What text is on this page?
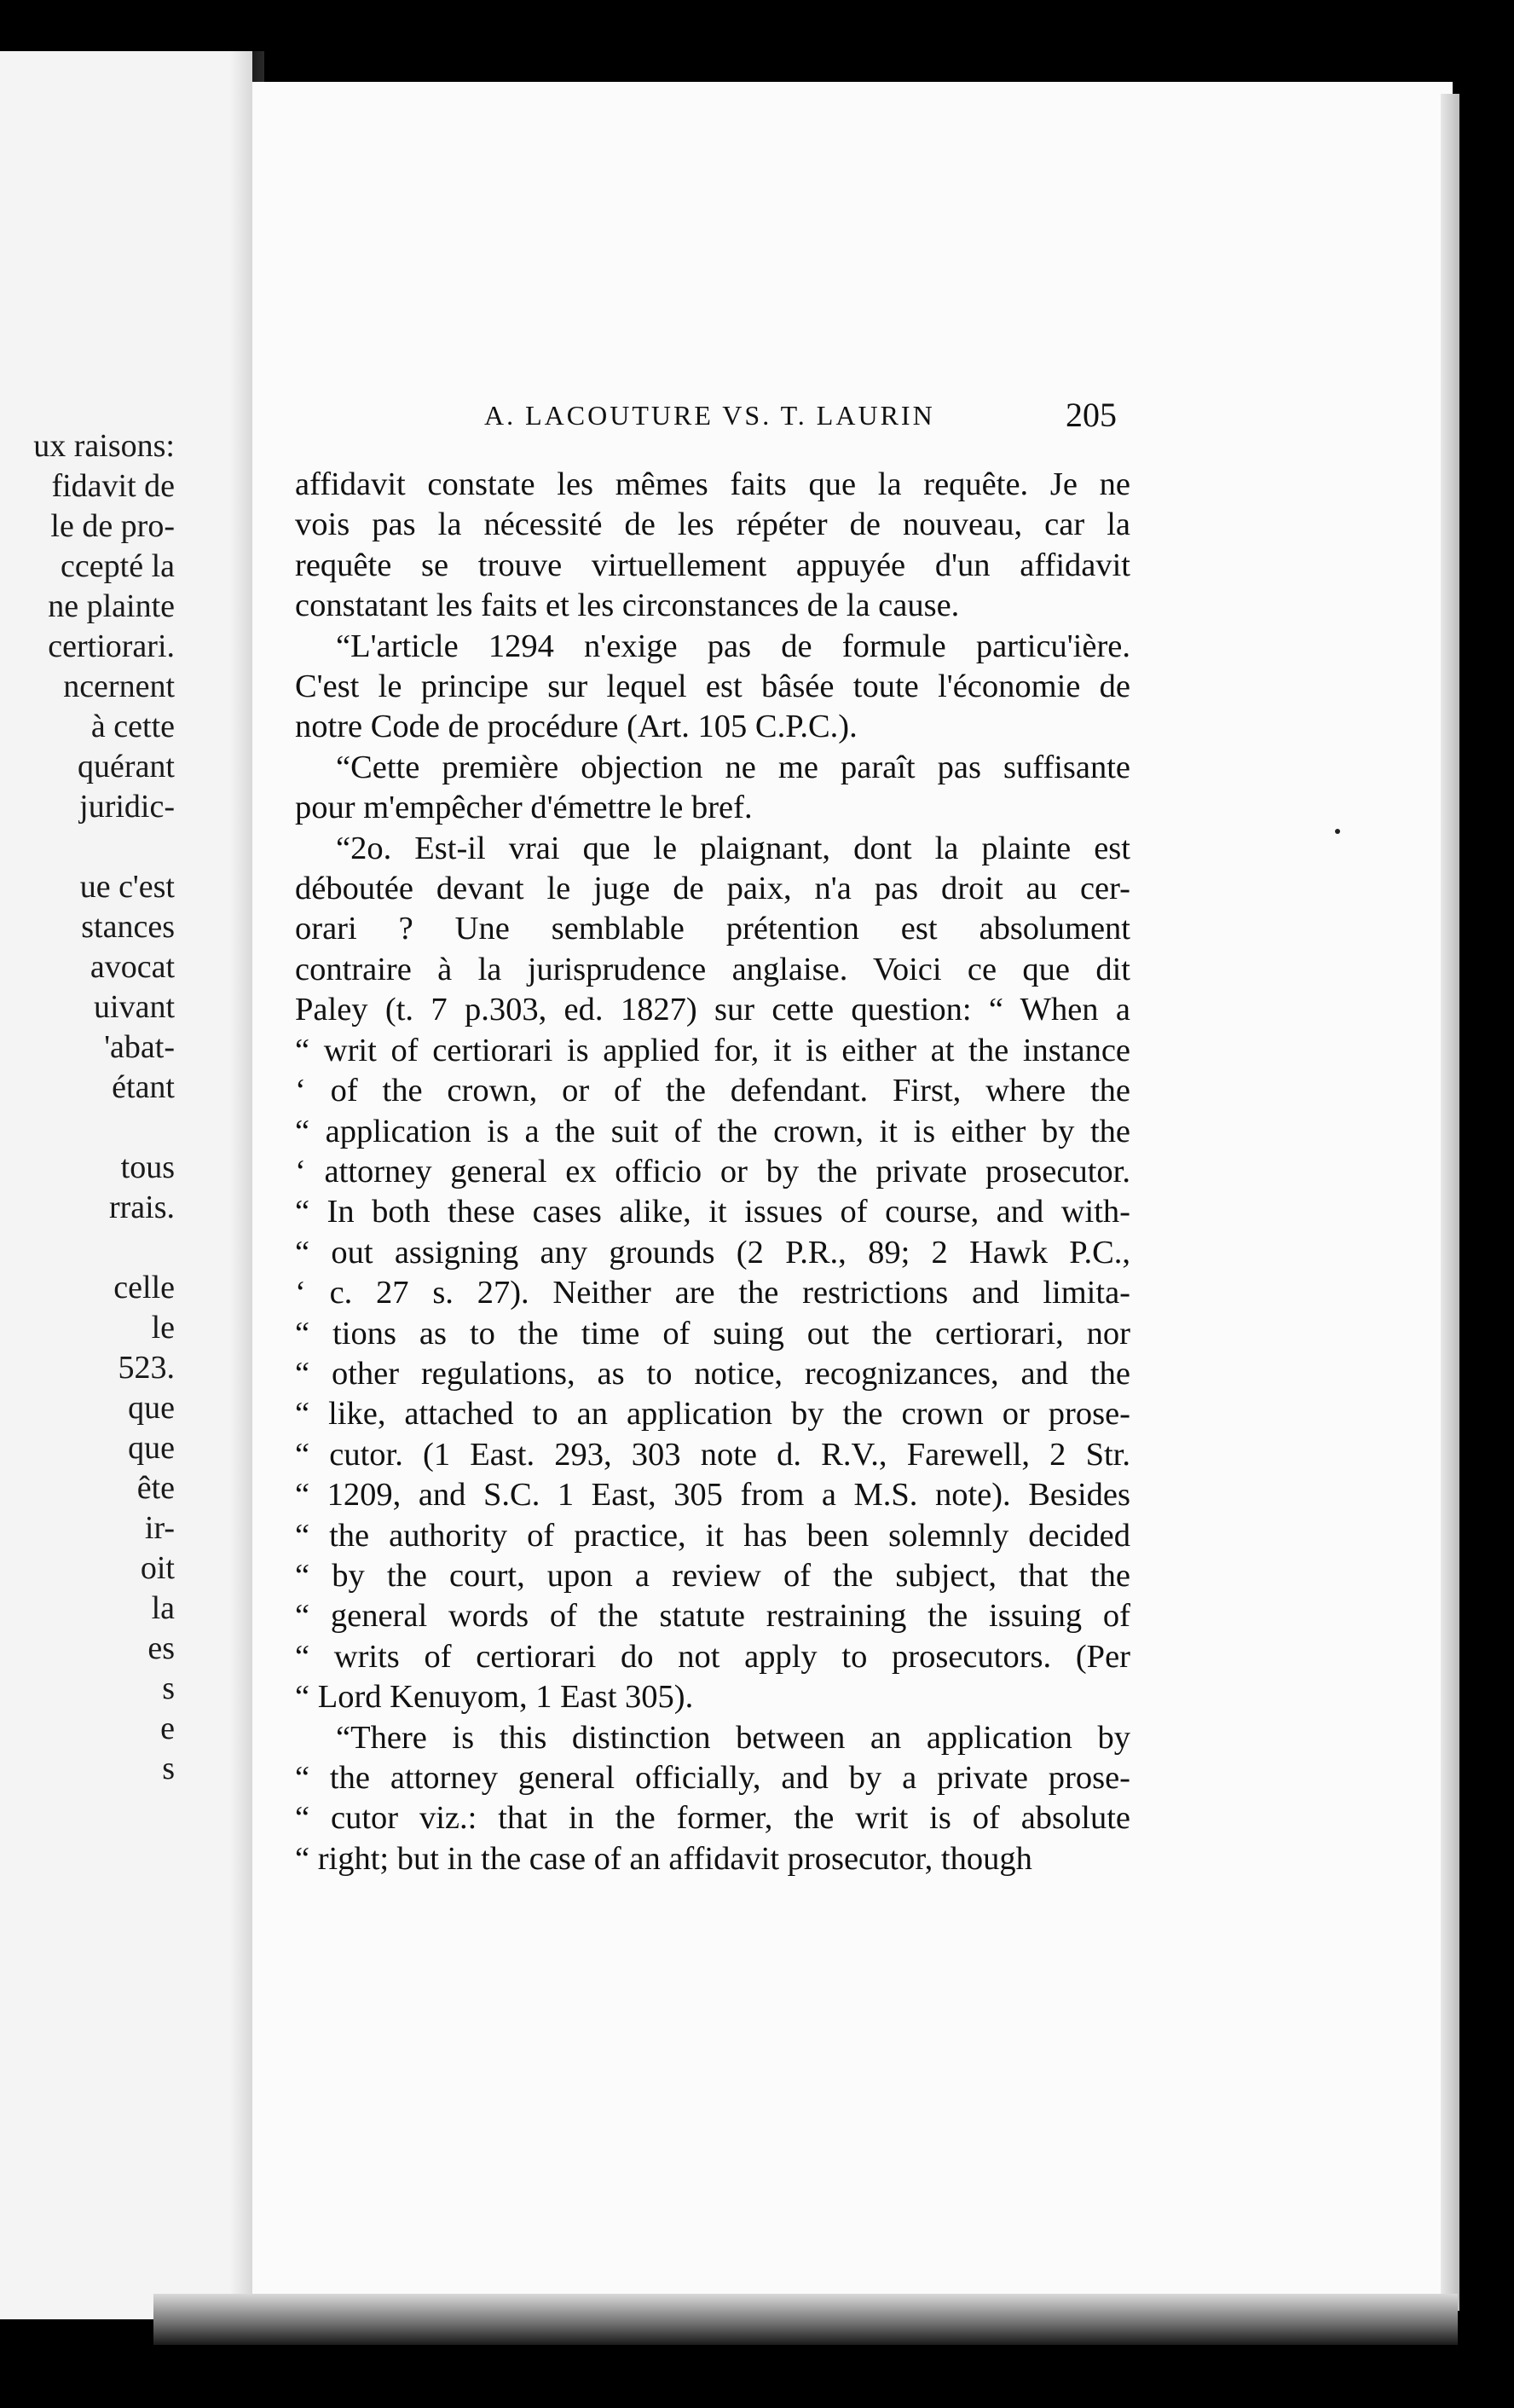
ux raisons:
fidavit de
le de pro-
ccepté la
ne plainte
certiorari.
ncernent
à cette
quérant
juridic-

ue c'est
stances
avocat
uivant
'abat-
étant

tous
rrais.

celle
le
523.
que
que
ête
ir-
oit
la
es
s
e
s
A. LACOUTURE VS. T. LAURIN	205
affidavit constate les mêmes faits que la requête. Je ne
vois pas la nécessité de les répéter de nouveau, car la
requête se trouve virtuellement appuyée d'un affidavit
constatant les faits et les circonstances de la cause.
“L'article 1294 n'exige pas de formule particu'ière.
C'est le principe sur lequel est bâsée toute l'économie de
notre Code de procédure (Art. 105 C.P.C.).
“Cette première objection ne me paraît pas suffisante
pour m'empêcher d'émettre le bref.
“2o. Est-il vrai que le plaignant, dont la plainte est
déboutée devant le juge de paix, n'a pas droit au cer-
orari ? Une semblable prétention est absolument
contraire à la jurisprudence anglaise. Voici ce que dit
Paley (t. 7 p.303, ed. 1827) sur cette question: “ When a
“ writ of certiorari is applied for, it is either at the instance
‘ of the crown, or of the defendant. First, where the
“ application is a the suit of the crown, it is either by the
‘ attorney general ex officio or by the private prosecutor.
“ In both these cases alike, it issues of course, and with-
“ out assigning any grounds (2 P.R., 89; 2 Hawk P.C.,
‘ c. 27 s. 27). Neither are the restrictions and limita-
“ tions as to the time of suing out the certiorari, nor
“ other regulations, as to notice, recognizances, and the
“ like, attached to an application by the crown or prose-
“ cutor. (1 East. 293, 303 note d. R.V., Farewell, 2 Str.
“ 1209, and S.C. 1 East, 305 from a M.S. note). Besides
“ the authority of practice, it has been solemnly decided
“ by the court, upon a review of the subject, that the
“ general words of the statute restraining the issuing of
“ writs of certiorari do not apply to prosecutors. (Per
“ Lord Kenuyom, 1 East 305).
“There is this distinction between an application by
“ the attorney general officially, and by a private prose-
“ cutor viz.: that in the former, the writ is of absolute
“ right; but in the case of an affidavit prosecutor, though
